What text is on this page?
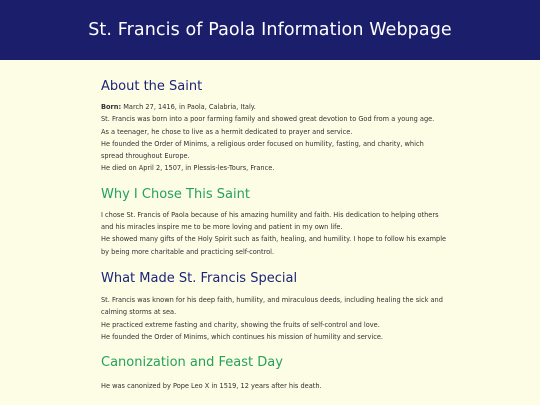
St. Francis of Paola Information Webpage
About the Saint

Born: March 27, 1416, in Paola, Calabria, Italy.

St. Francis was born into a poor farming family and showed great devotion to God from a young age.

As a teenager, he chose to live as a hermit dedicated to prayer and service.

He founded the Order of Minims, a religious order focused on humility, fasting, and charity, which spread throughout Europe.

He died on April 2, 1507, in Plessis-les-Tours, France.

Why I Chose This Saint

I chose St. Francis of Paola because of his amazing humility and faith. His dedication to helping others and his miracles inspire me to be more loving and patient in my own life.

He showed many gifts of the Holy Spirit such as faith, healing, and humility. I hope to follow his example by being more charitable and practicing self-control.

What Made St. Francis Special

St. Francis was known for his deep faith, humility, and miraculous deeds, including healing the sick and calming storms at sea.

He practiced extreme fasting and charity, showing the fruits of self-control and love.

He founded the Order of Minims, which continues his mission of humility and service.

Canonization and Feast Day

He was canonized by Pope Leo X in 1519, 12 years after his death.
